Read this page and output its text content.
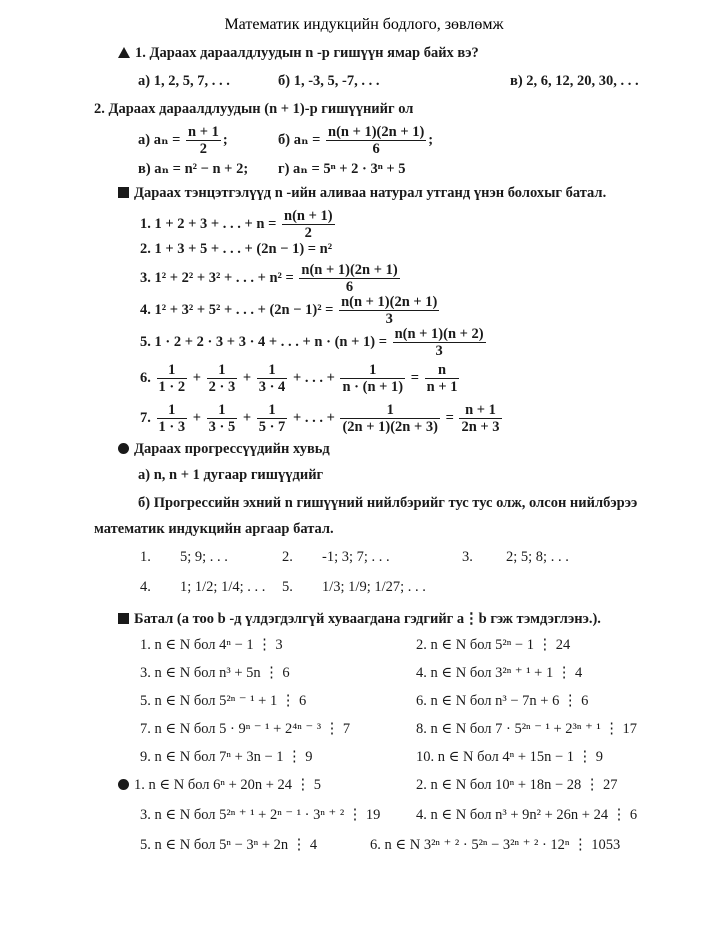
Математик индукцийн бодлого, зөвлөмж
1. Дараах дараалдлуудын n -р гишүүн ямар байх вэ?
а) 1, 2, 5, 7, . . .	б) 1, -3, 5, -7, . . .	в) 2, 6, 12, 20, 30, . . .
2. Дараах дараалдлуудын (n + 1)-р гишүүнийг ол
а) $a_n = \frac{n + 1}{2}$ ;	б) $a_n = \frac{n(n + 1)(2n + 1)}{6}$ ;
в) aₙ = n² − n + 2; г) aₙ = 5ⁿ + 2 · 3ⁿ + 5
Дараах тэнцэтгэлүүд n -ийн аливаа натурал утганд үнэн болохыг батал.
1. 1 + 2 + 3 + . . . + $n = \frac{n(n + 1)}{2}$
2. 1 + 3 + 5 + . . . + (2n − 1) = n²
3. 1² + 2² + 3² + . . . + $n^2 = \frac{n(n + 1)(2n + 1)}{6}$
4. 1² + 3² + 5² + . . . + $(2n - 1)^2 = \frac{n(n + 1)(2n + 1)}{3}$
5. 1 · 2 + 2 · 3 + 3 · 4 + . . . + $n \cdot (n + 1) = \frac{n(n + 1)(n + 2)}{3}$
6. $\frac{1}{1 \cdot 2} + \frac{1}{2 \cdot 3} + \frac{1}{3 \cdot 4}$ + . . . + $\frac{1}{n \cdot (n + 1)} = \frac{n}{n + 1}$
7. $\frac{1}{1 \cdot 3} + \frac{1}{3 \cdot 5} + \frac{1}{5 \cdot 7}$ + . . . + $\frac{1}{(2n + 1)(2n + 3)} = \frac{n + 1}{2n + 3}$
Дараах прогрессүүдийн хувьд
а) n, n + 1 дугаар гишүүдийг
б) Прогрессийн эхний n гишүүний нийлбэрийг тус тус олж, олсон нийлбэрээ
математик индукцийн аргаар батал.
1. 5; 9; . . .	2. -1; 3; 7; . . .	3. 2; 5; 8; . . .
4. 1; 1/2; 1/4; . . . 5. 1/3; 1/9; 1/27; . . .
Батал (a тоо b -д үлдэгдэлгүй хуваагдана гэдгийг a⋮b гэж тэмдэглэнэ.).
1. n ∈ N бол 4ⁿ − 1 ⋮ 3	2. n ∈ N бол 5²ⁿ − 1 ⋮ 24
3. n ∈ N бол n³ + 5n ⋮ 6	4. n ∈ N бол 3²ⁿ ⁺ ¹ + 1 ⋮ 4
5. n ∈ N бол 5²ⁿ ⁻ ¹ + 1 ⋮ 6	6. n ∈ N бол n³ − 7n + 6 ⋮ 6
7. n ∈ N бол 5 · 9ⁿ ⁻ ¹ + 2⁴ⁿ ⁻ ³ ⋮ 7	8. n ∈ N бол 7 · 5²ⁿ ⁻ ¹ + 2³ⁿ ⁺ ¹ ⋮ 17
9. n ∈ N бол 7ⁿ + 3n − 1 ⋮ 9	10. n ∈ N бол 4ⁿ + 15n − 1 ⋮ 9
1. n ∈ N бол 6ⁿ + 20n + 24 ⋮ 5	2. n ∈ N бол 10ⁿ + 18n − 28 ⋮ 27
3. n ∈ N бол 5²ⁿ ⁺ ¹ + 2ⁿ ⁻ ¹ · 3ⁿ ⁺ ² ⋮ 19 4. n ∈ N бол n³ + 9n² + 26n + 24 ⋮ 6
5. n ∈ N бол 5ⁿ − 3ⁿ + 2n ⋮ 4	6. n ∈ N 3²ⁿ ⁺ ² · 5²ⁿ − 3²ⁿ ⁺ ² · 12ⁿ ⋮ 1053
